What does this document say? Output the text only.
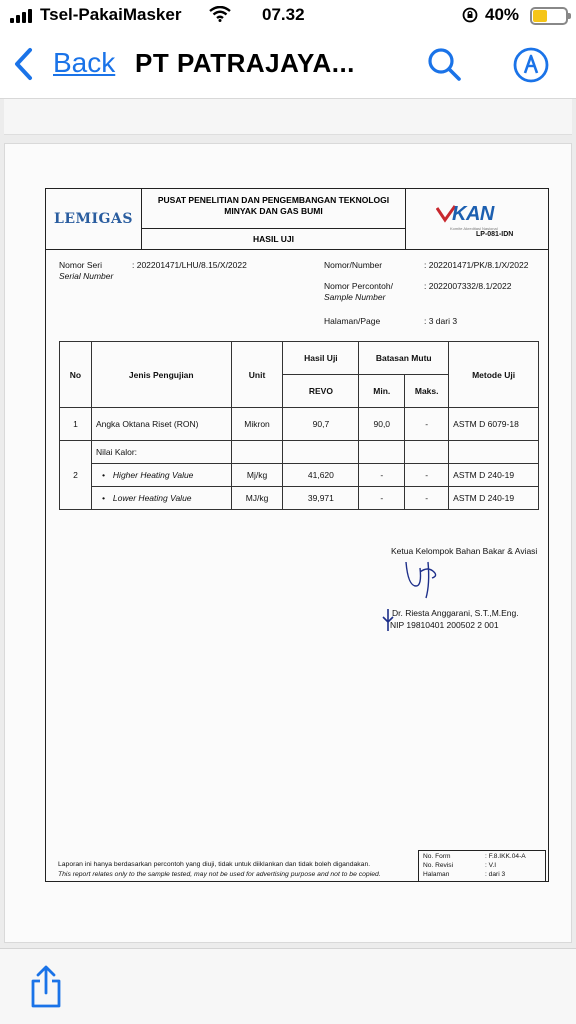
Tsel-PakaiMasker	07.32	40%
Back PT PATRAJAYA...
LEMIGAS
PUSAT PENELITIAN DAN PENGEMBANGAN TEKNOLOGI
MINYAK DAN GAS BUMI
HASIL UJI
KAN
Komite Akreditasi Nasional
LP-081-IDN
Nomor Seri
Serial Number
: 202201471/LHU/8.15/X/2022	Nomor/Number	: 202201471/PK/8.1/X/2022
Nomor Percontoh/
Sample Number
: 2022007332/8.1/2022
Halaman/Page	: 3 dari 3
No	Jenis Pengujian	Unit	Hasil Uji	Batasan Mutu		Metode Uji
			REVO	Min.	Maks.	
1	Angka Oktana Riset (RON)	Mikron	90,7	90,0	-	ASTM D 6079-18
2	Nilai Kalor:					
	• Higher Heating Value	Mj/kg	41,620	-	-	ASTM D 240-19
	• Lower Heating Value	MJ/kg	39,971	-	-	ASTM D 240-19
Ketua Kelompok Bahan Bakar & Aviasi
Dr. Riesta Anggarani, S.T.,M.Eng.
NIP 19810401 200502 2 001
Laporan ini hanya berdasarkan percontoh yang diuji, tidak untuk diiklankan dan tidak boleh digandakan.
This report relates only to the sample tested, may not be used for advertising purpose and not to be copied.
No. Form	: F.8.IKK.04-A
No. Revisi	: V.I
Halaman	: dari 3
